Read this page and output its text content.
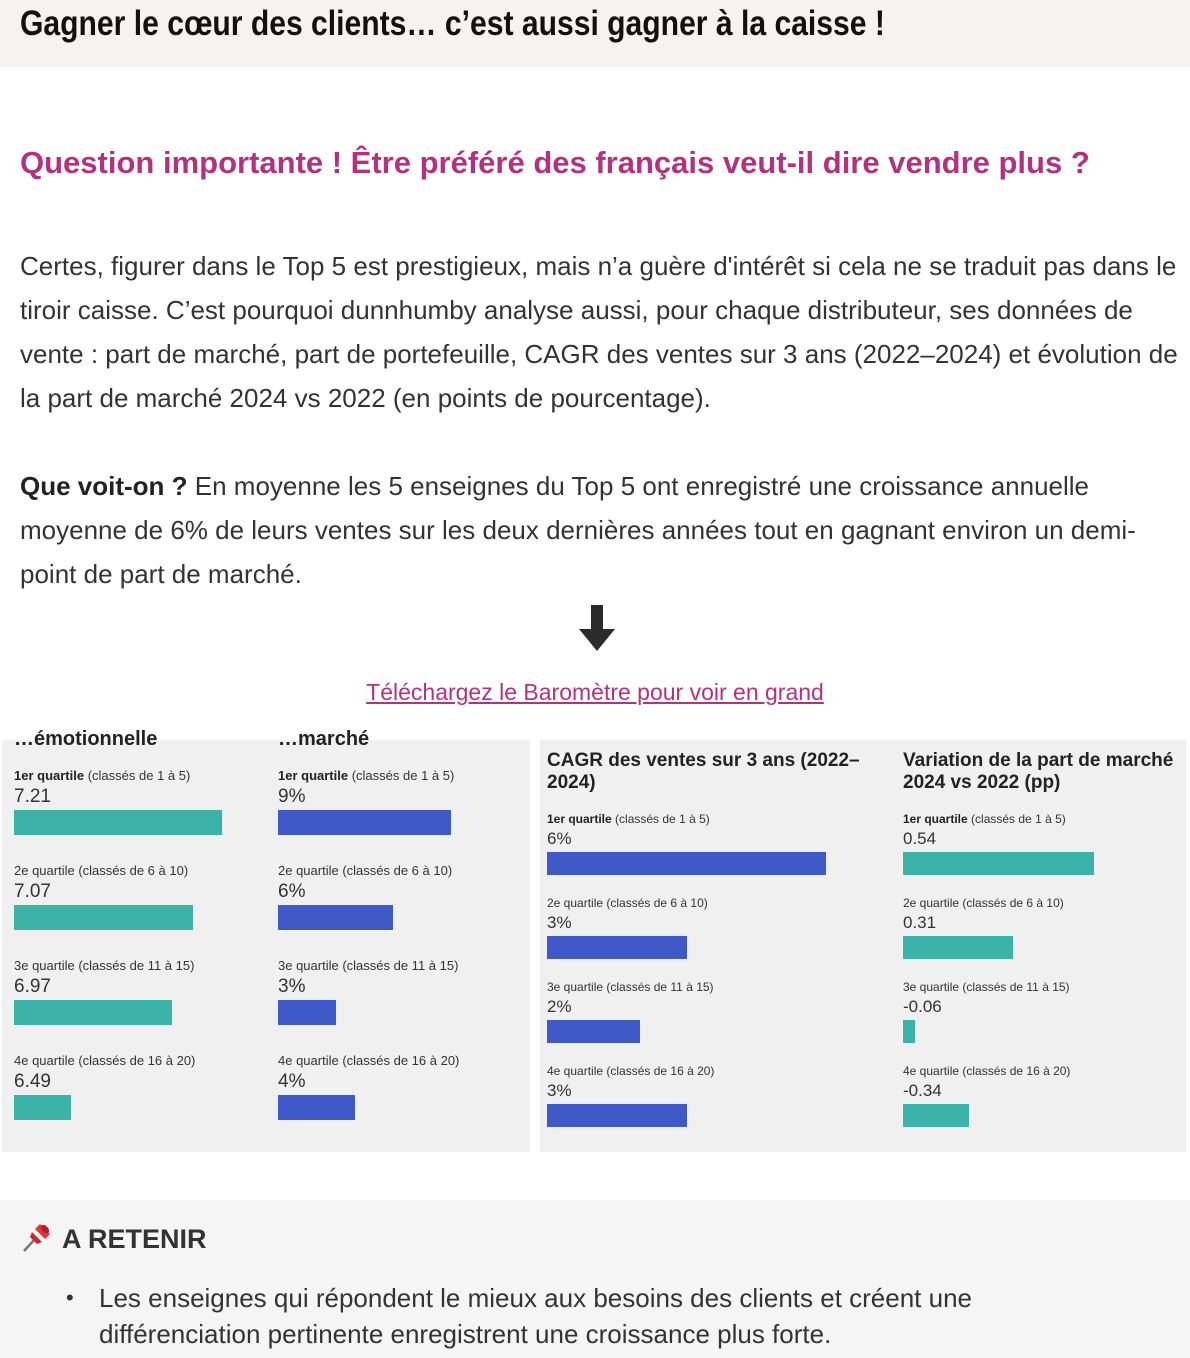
Gagner le cœur des clients… c’est aussi gagner à la caisse !
Question importante ! Être préféré des français veut-il dire vendre plus ?

Certes, figurer dans le Top 5 est prestigieux, mais n’a guère d'intérêt si cela ne se traduit pas dans le tiroir caisse. C’est pourquoi dunnhumby analyse aussi, pour chaque distributeur, ses données de vente : part de marché, part de portefeuille, CAGR des ventes sur 3 ans (2022–2024) et évolution de la part de marché 2024 vs 2022 (en points de pourcentage).

Que voit-on ? En moyenne les 5 enseignes du Top 5 ont enregistré une croissance annuelle moyenne de 6% de leurs ventes sur les deux dernières années tout en gagnant environ un demi-point de part de marché.

Téléchargez le Baromètre pour voir en grand
…émotionnelle	…marché
1er quartile (classés de 1 à 5)
7.21
2e quartile (classés de 6 à 10)
7.07
3e quartile (classés de 11 à 15)
6.97
4e quartile (classés de 16 à 20)
6.49
1er quartile (classés de 1 à 5)
9%
2e quartile (classés de 6 à 10)
6%
3e quartile (classés de 11 à 15)
3%
4e quartile (classés de 16 à 20)
4%
CAGR des ventes sur 3 ans (2022–2024)
Variation de la part de marché 2024 vs 2022 (pp)
1er quartile (classés de 1 à 5)
6%
2e quartile (classés de 6 à 10)
3%
3e quartile (classés de 11 à 15)
2%
4e quartile (classés de 16 à 20)
3%
1er quartile (classés de 1 à 5)
0.54
2e quartile (classés de 6 à 10)
0.31
3e quartile (classés de 11 à 15)
-0.06
4e quartile (classés de 16 à 20)
-0.34
A RETENIR
• Les enseignes qui répondent le mieux aux besoins des clients et créent une différenciation pertinente enregistrent une croissance plus forte.
